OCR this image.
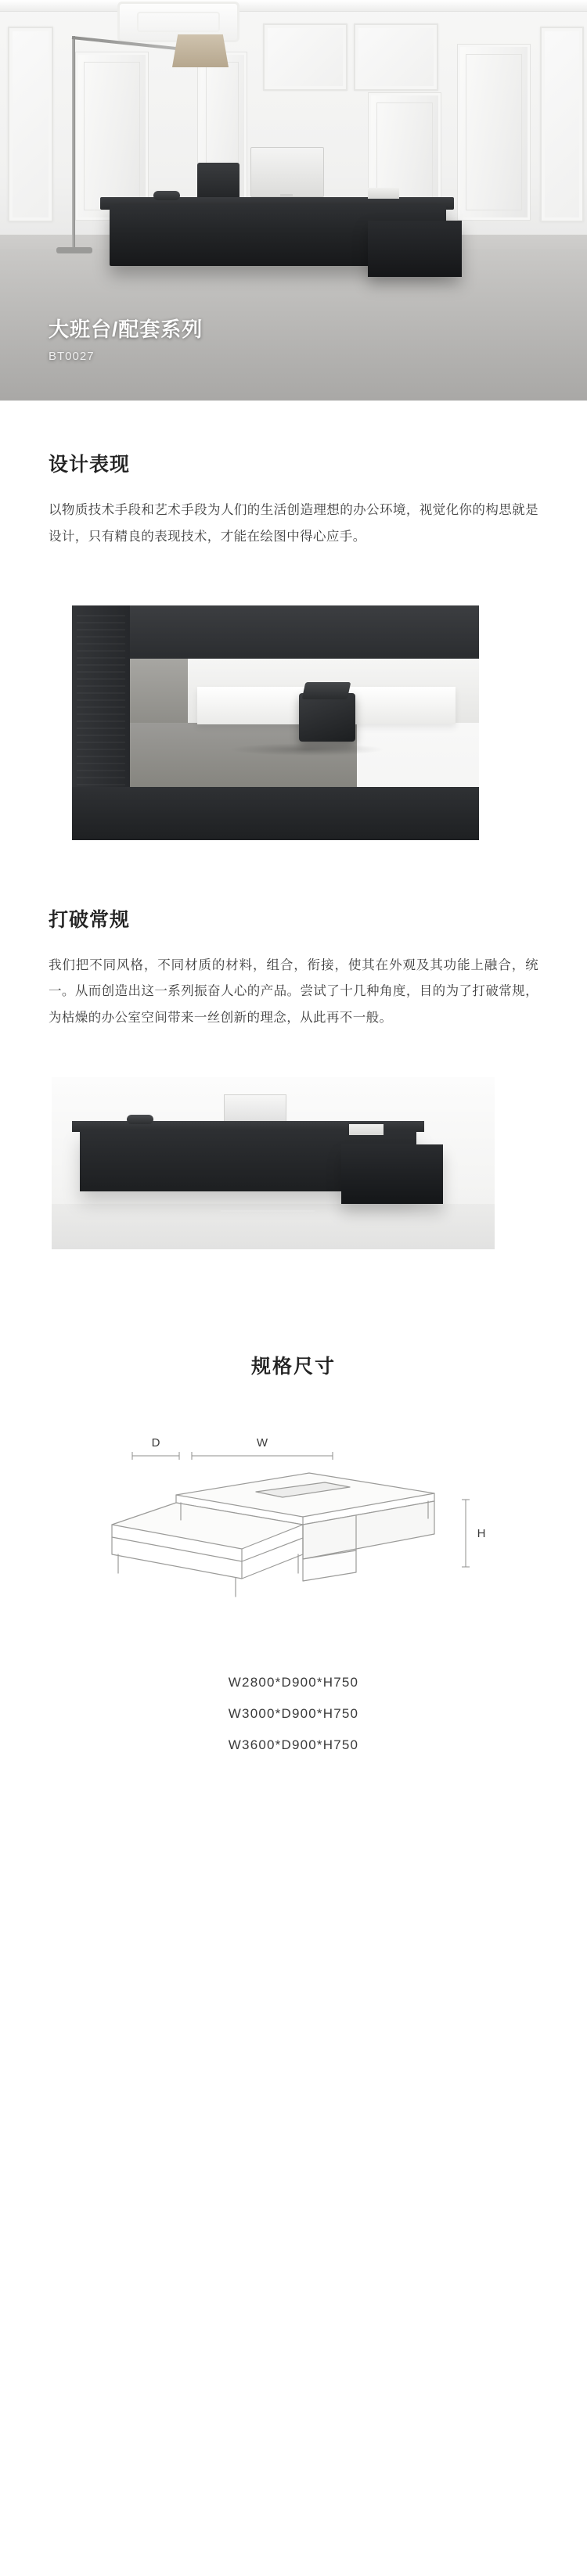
大班台/配套系列
BT0027
设计表现
以物质技术手段和艺术手段为人们的生活创造理想的办公环境，视觉化你的构思就是设计，只有精良的表现技术，才能在绘图中得心应手。
打破常规
我们把不同风格，不同材质的材料，组合，衔接，使其在外观及其功能上融合，统一。从而创造出这一系列振奋人心的产品。尝试了十几种角度，目的为了打破常规，为枯燥的办公室空间带来一丝创新的理念，从此再不一般。
规格尺寸
D	W
H
W2800*D900*H750
W3000*D900*H750
W3600*D900*H750
